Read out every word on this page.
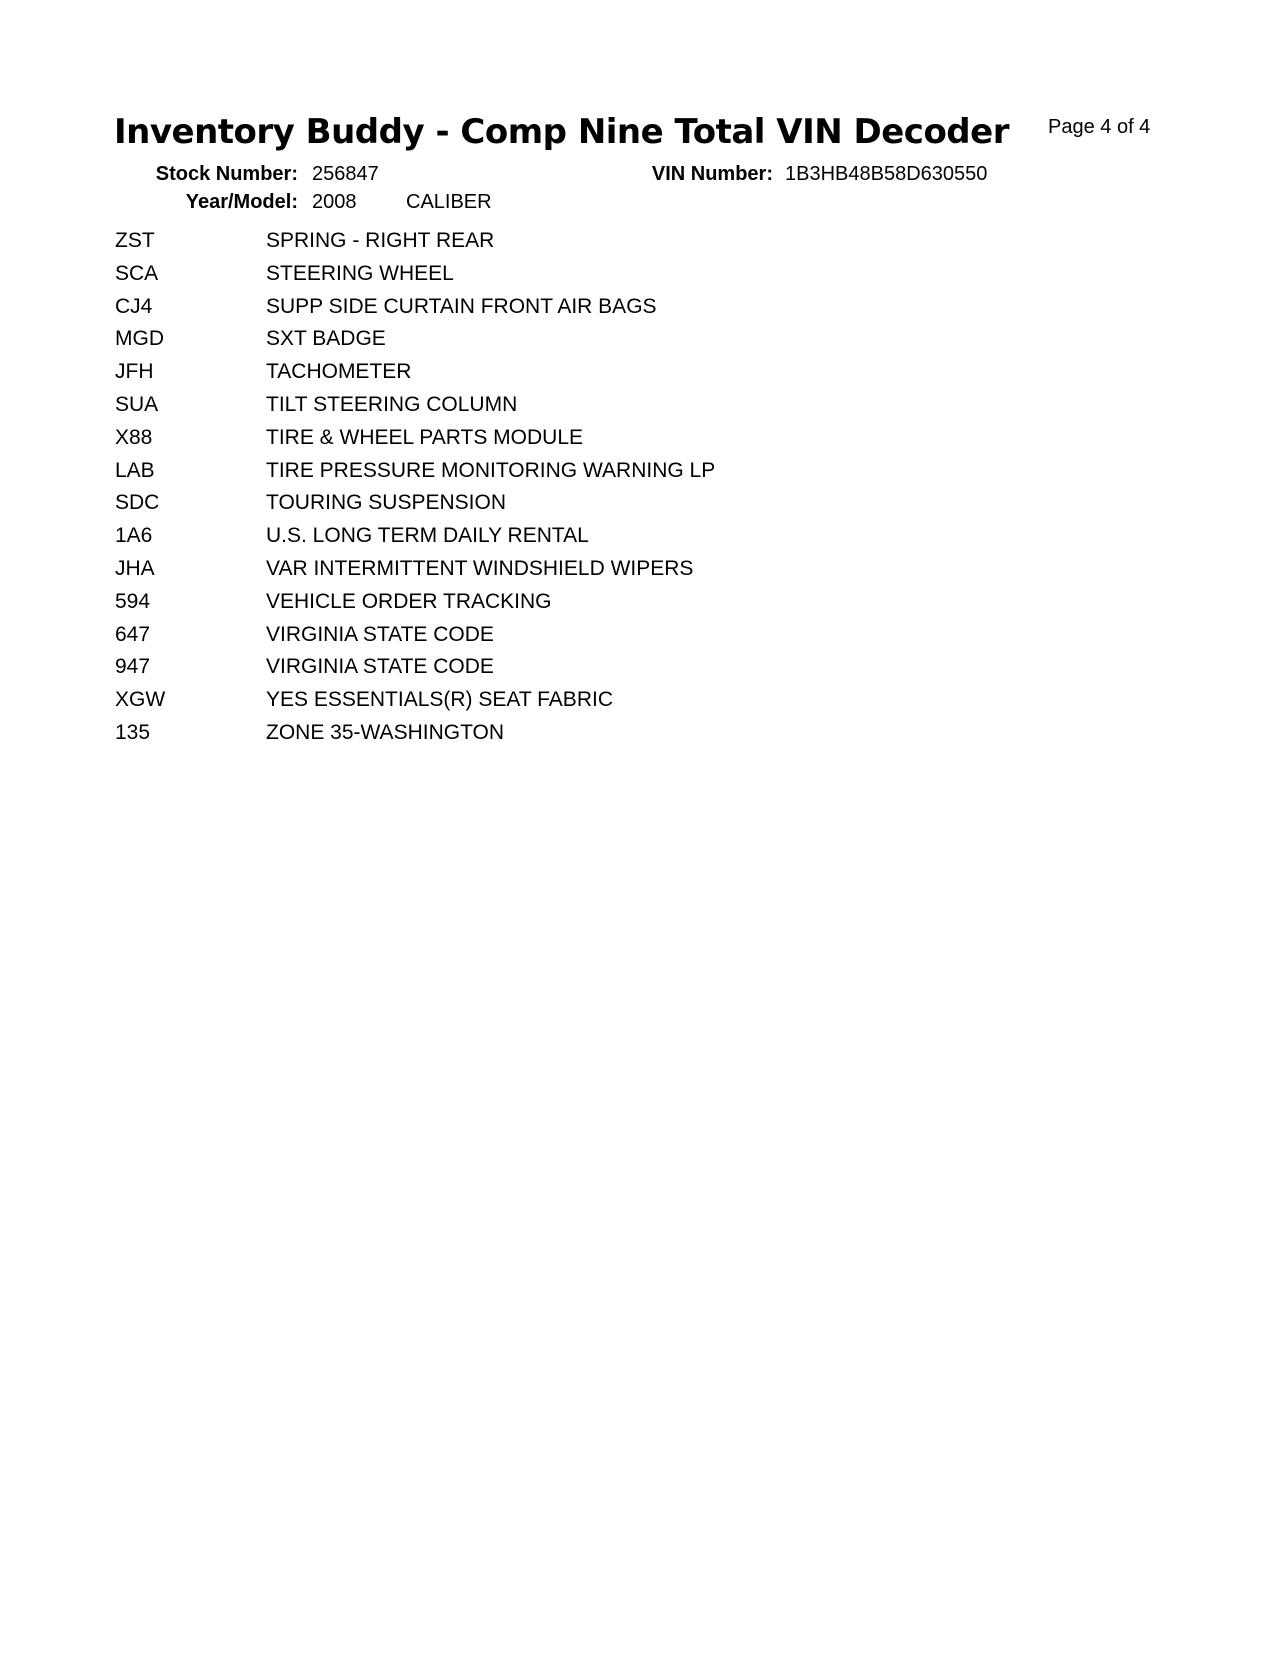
Inventory Buddy - Comp Nine Total VIN Decoder Page 4 of 4
Stock Number: 256847	VIN Number: 1B3HB48B58D630550
Year/Model: 2008 CALIBER
ZST	SPRING - RIGHT REAR
SCA	STEERING WHEEL
CJ4	SUPP SIDE CURTAIN FRONT AIR BAGS
MGD	SXT BADGE
JFH	TACHOMETER
SUA	TILT STEERING COLUMN
X88	TIRE & WHEEL PARTS MODULE
LAB	TIRE PRESSURE MONITORING WARNING LP
SDC	TOURING SUSPENSION
1A6	U.S. LONG TERM DAILY RENTAL
JHA	VAR INTERMITTENT WINDSHIELD WIPERS
594	VEHICLE ORDER TRACKING
647	VIRGINIA STATE CODE
947	VIRGINIA STATE CODE
XGW	YES ESSENTIALS(R) SEAT FABRIC
135	ZONE 35-WASHINGTON
